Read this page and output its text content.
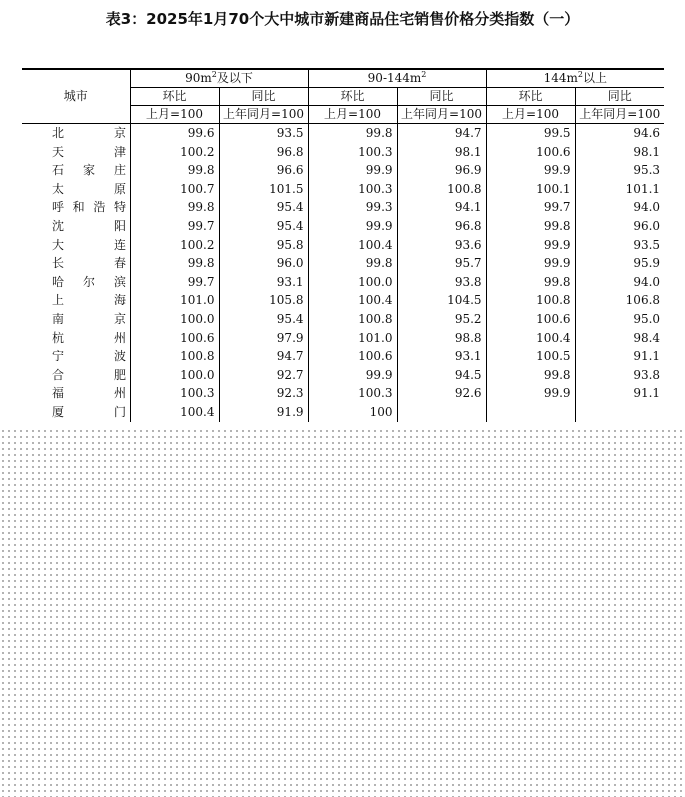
表3：2025年1月70个大中城市新建商品住宅销售价格分类指数（一）
城市	$90m^2$及以下		$90-144m^2$		$144m^2$以上	
	环比	同比	环比	同比	环比	同比
	上月=100	上年同月=100	上月=100	上年同月=100	上月=100	上年同月=100

北京	99.6	93.5	99.8	94.7	99.5	94.6

天津	100.2	96.8	100.3	98.1	100.6	98.1

石家庄	99.8	96.6	99.9	96.9	99.9	95.3

太原	100.7	101.5	100.3	100.8	100.1	101.1

呼和浩特	99.8	95.4	99.3	94.1	99.7	94.0

沈阳	99.7	95.4	99.9	96.8	99.8	96.0

大连	100.2	95.8	100.4	93.6	99.9	93.5

长春	99.8	96.0	99.8	95.7	99.9	95.9

哈尔滨	99.7	93.1	100.0	93.8	99.8	94.0

上海	101.0	105.8	100.4	104.5	100.8	106.8

南京	100.0	95.4	100.8	95.2	100.6	95.0

杭州	100.6	97.9	101.0	98.8	100.4	98.4

宁波	100.8	94.7	100.6	93.1	100.5	91.1

合肥	100.0	92.7	99.9	94.5	99.8	93.8

福州	100.3	92.3	100.3	92.6	99.9	91.1

厦门	100.4	91.9	100			
